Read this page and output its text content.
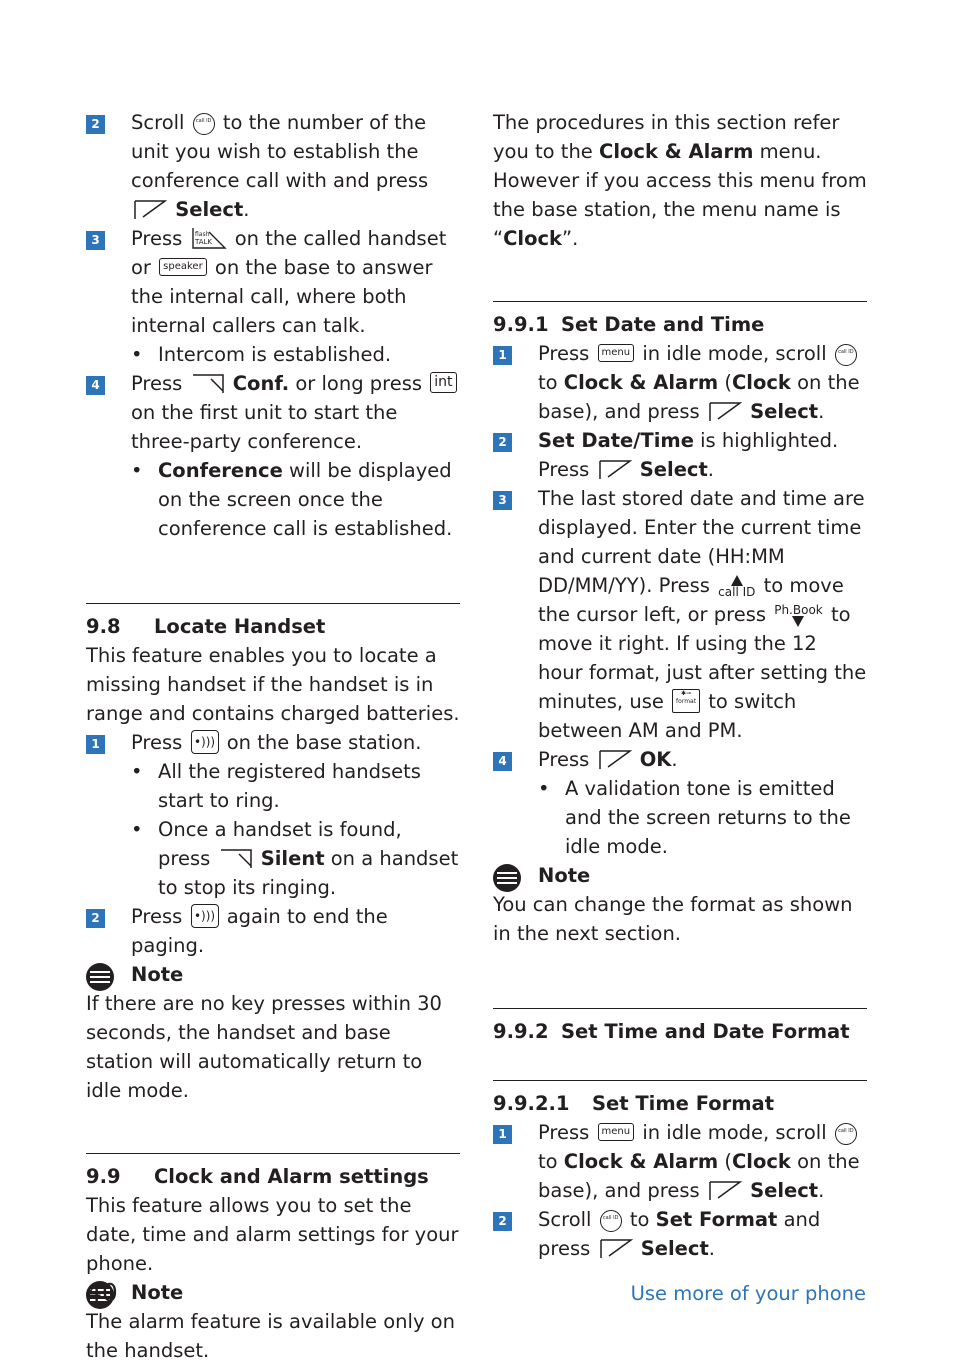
2 Scroll call ID to the number of the unit you wish to establish the conference call with and press  Select.
3 Press flash
TALK on the called handset or speaker on the base to answer the internal call, where both internal callers can talk.
• Intercom is established.
4 Press	Conf. or long press int on the first unit to start the three-party conference.
• Conference will be displayed on the screen once the conference call is established.
9.8 Locate Handset
This feature enables you to locate a missing handset if the handset is in range and contains charged batteries.
1 Press •))) on the base station.
• All the registered handsets start to ring.
• Once a handset is found, press	Silent on a handset to stop its ringing.
2 Press •))) again to end the paging.
Note
If there are no key presses within 30 seconds, the handset and base station will automatically return to idle mode.
9.9 Clock and Alarm settings
This feature allows you to set the date, time and alarm settings for your phone.
Note
The alarm feature is available only on the handset.
The procedures in this section refer you to the Clock & Alarm menu. However if you access this menu from the base station, the menu name is “Clock”.
9.9.1 Set Date and Time
1 Press menu in idle mode, scroll call ID to Clock & Alarm (Clock on the base), and press	Select.
2 Set Date/Time is highlighted. Press	Select.
3 The last stored date and time are displayed. Enter the current time and current date (HH:MM DD/MM/YY). Press call ID to move the cursor left, or press Ph.Book to move it right. If using the 12 hour format, just after setting the minutes, use	✱⊸
format to switch between AM and PM.
4 Press	OK.
• A validation tone is emitted and the screen returns to the idle mode.
Note
You can change the format as shown in the next section.
9.9.2 Set Time and Date Format
9.9.2.1 Set Time Format
1 Press menu in idle mode, scroll call ID to Clock & Alarm (Clock on the base), and press	Select.
2 Scroll call ID to Set Format and press	Select.
40	Use more of your phone
